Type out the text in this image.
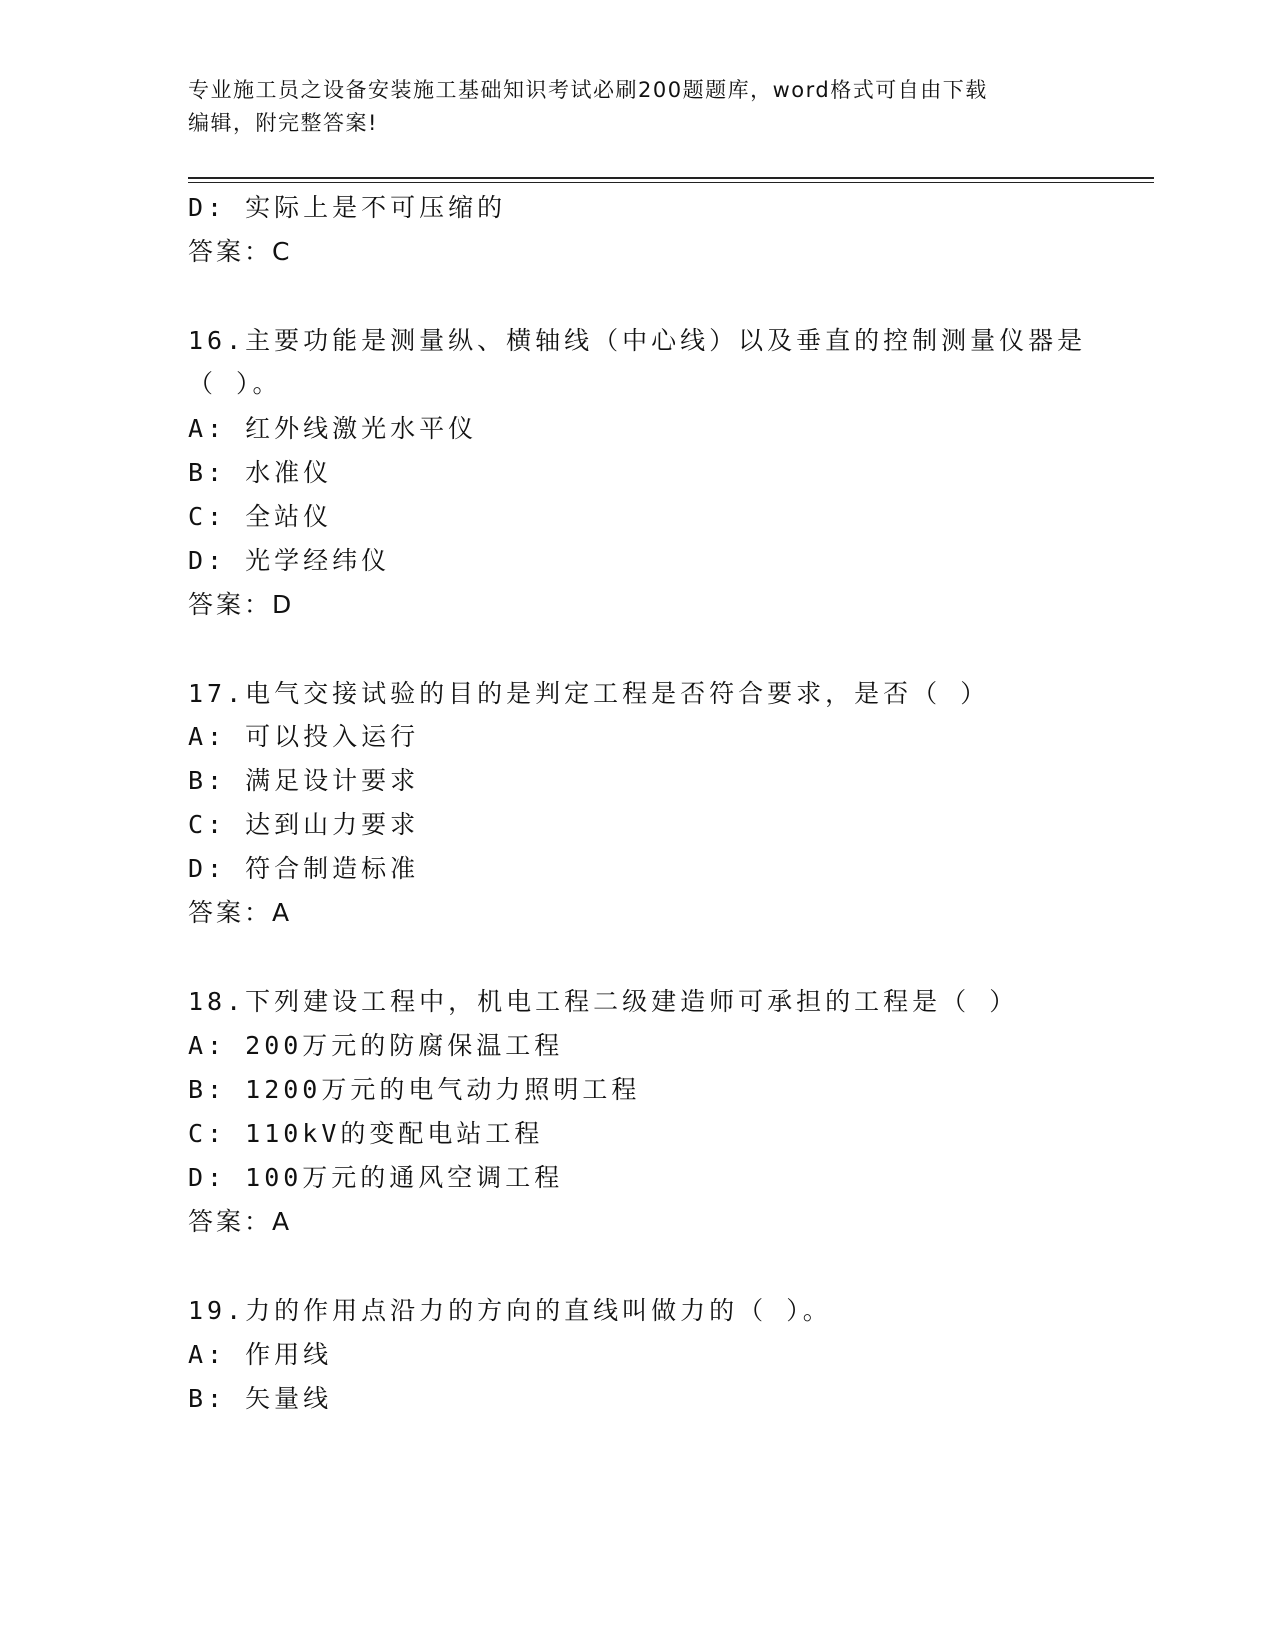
专业施工员之设备安装施工基础知识考试必刷200题题库，word格式可自由下载
编辑，附完整答案!
D: 实际上是不可压缩的
答案：C
16.主要功能是测量纵、横轴线（中心线）以及垂直的控制测量仪器是
（ ）。
A: 红外线激光水平仪
B: 水准仪
C: 全站仪
D: 光学经纬仪
答案：D
17.电气交接试验的目的是判定工程是否符合要求，是否（ ）
A: 可以投入运行
B: 满足设计要求
C: 达到山力要求
D: 符合制造标准
答案：A
18.下列建设工程中，机电工程二级建造师可承担的工程是（ ）
A: 200万元的防腐保温工程
B: 1200万元的电气动力照明工程
C: 110kV的变配电站工程
D: 100万元的通风空调工程
答案：A
19.力的作用点沿力的方向的直线叫做力的（ ）。
A: 作用线
B: 矢量线
